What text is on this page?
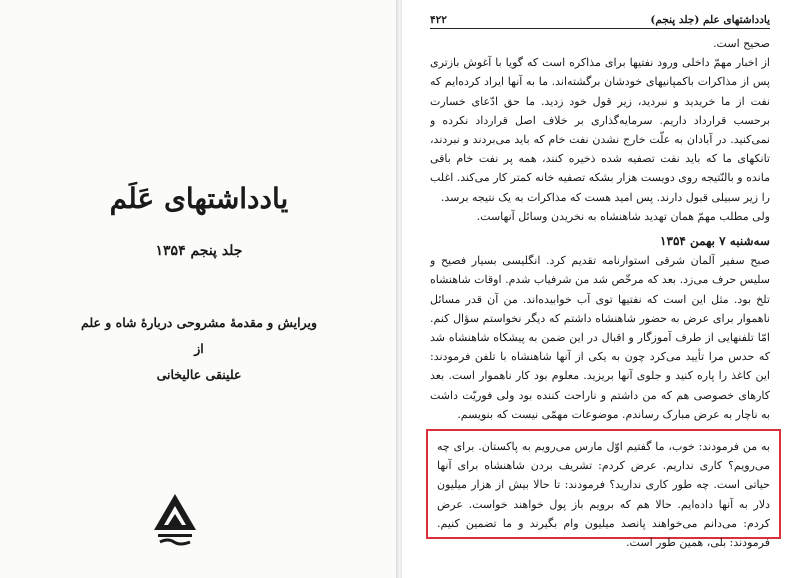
یادداشتهای عَلَم
جلد پنجم ۱۳۵۴
ویرایش و مقدمهٔ مشروحی دربارهٔ شاه و علم
از
علینقی عالیخانی
یادداشتهای علم (جلد پنجم)
۴۲۲

صحیح است.

از اخبار مهمّ داخلی ورود نفتیها برای مذاکره است که گویا با آغوش بازتری پس از مذاکرات باکمپانیهای خودشان برگشته‌اند. ما به آنها ایراد کرده‌ایم که نفت از ما خریدید و نبردید، زیر قول خود زدید. ما حق ادّعای خسارت برحسب قرارداد داریم. سرمایه‌گذاری بر خلاف اصل قرارداد نکرده و نمی‌کنید. در آبادان به علّت خارج نشدن نفت خام که باید می‌بردند و نبردند، تانکهای ما که باید نفت تصفیه شده ذخیره کنند، همه پر نفت خام باقی مانده و بالنّتیجه روی دویست هزار بشکه تصفیه خانه کمتر کار می‌کند. اغلب را زیر سبیلی قبول دارند. پس امید هست که مذاکرات به یک نتیجه برسد.

ولی مطلب مهمّ همان تهدید شاهنشاه به نخریدن وسائل آنهاست.

سه‌شنبه ۷ بهمن ۱۳۵۴

صبح سفیر آلمان شرقی استوارنامه تقدیم کرد. انگلیسی بسیار فصیح و سلیس حرف می‌زد. بعد که مرخّص شد من شرفیاب شدم. اوقات شاهنشاه تلخ بود. مثل این است که نفتیها توی آب خوابیده‌اند. من آن قدر مسائل ناهموار برای عرض به حضور شاهنشاه داشتم که دیگر نخواستم سؤال کنم. امّا تلفنهایی از طرف آموزگار و اقبال در این ضمن به پیشکاه شاهنشاه شد که حدس مرا تأیید می‌کرد چون به یکی از آنها شاهنشاه با تلفن فرمودند: این کاغذ را پاره کنید و جلوی آنها بریزید. معلوم بود کار ناهموار است. بعد کارهای خصوصی هم که من داشتم و ناراحت کننده بود ولی فوریّت داشت به ناچار به عرض مبارک رساندم. موضوعات مهمّی نیست که بنویسم.

به من فرمودند: خوب، ما گفتیم اوّل مارس می‌رویم به پاکستان. برای چه می‌رویم؟ کاری نداریم. عرض کردم: تشریف بردن شاهنشاه برای آنها حیاتی است. چه طور کاری ندارید؟ فرمودند: تا حالا بیش از هزار میلیون دلار به آنها داده‌ایم. حالا هم که برویم باز پول خواهند خواست. عرض کردم: می‌دانم می‌خواهند پانصد میلیون وام بگیرند و ما تضمین کنیم. فرمودند: بلی، همین طور است.
